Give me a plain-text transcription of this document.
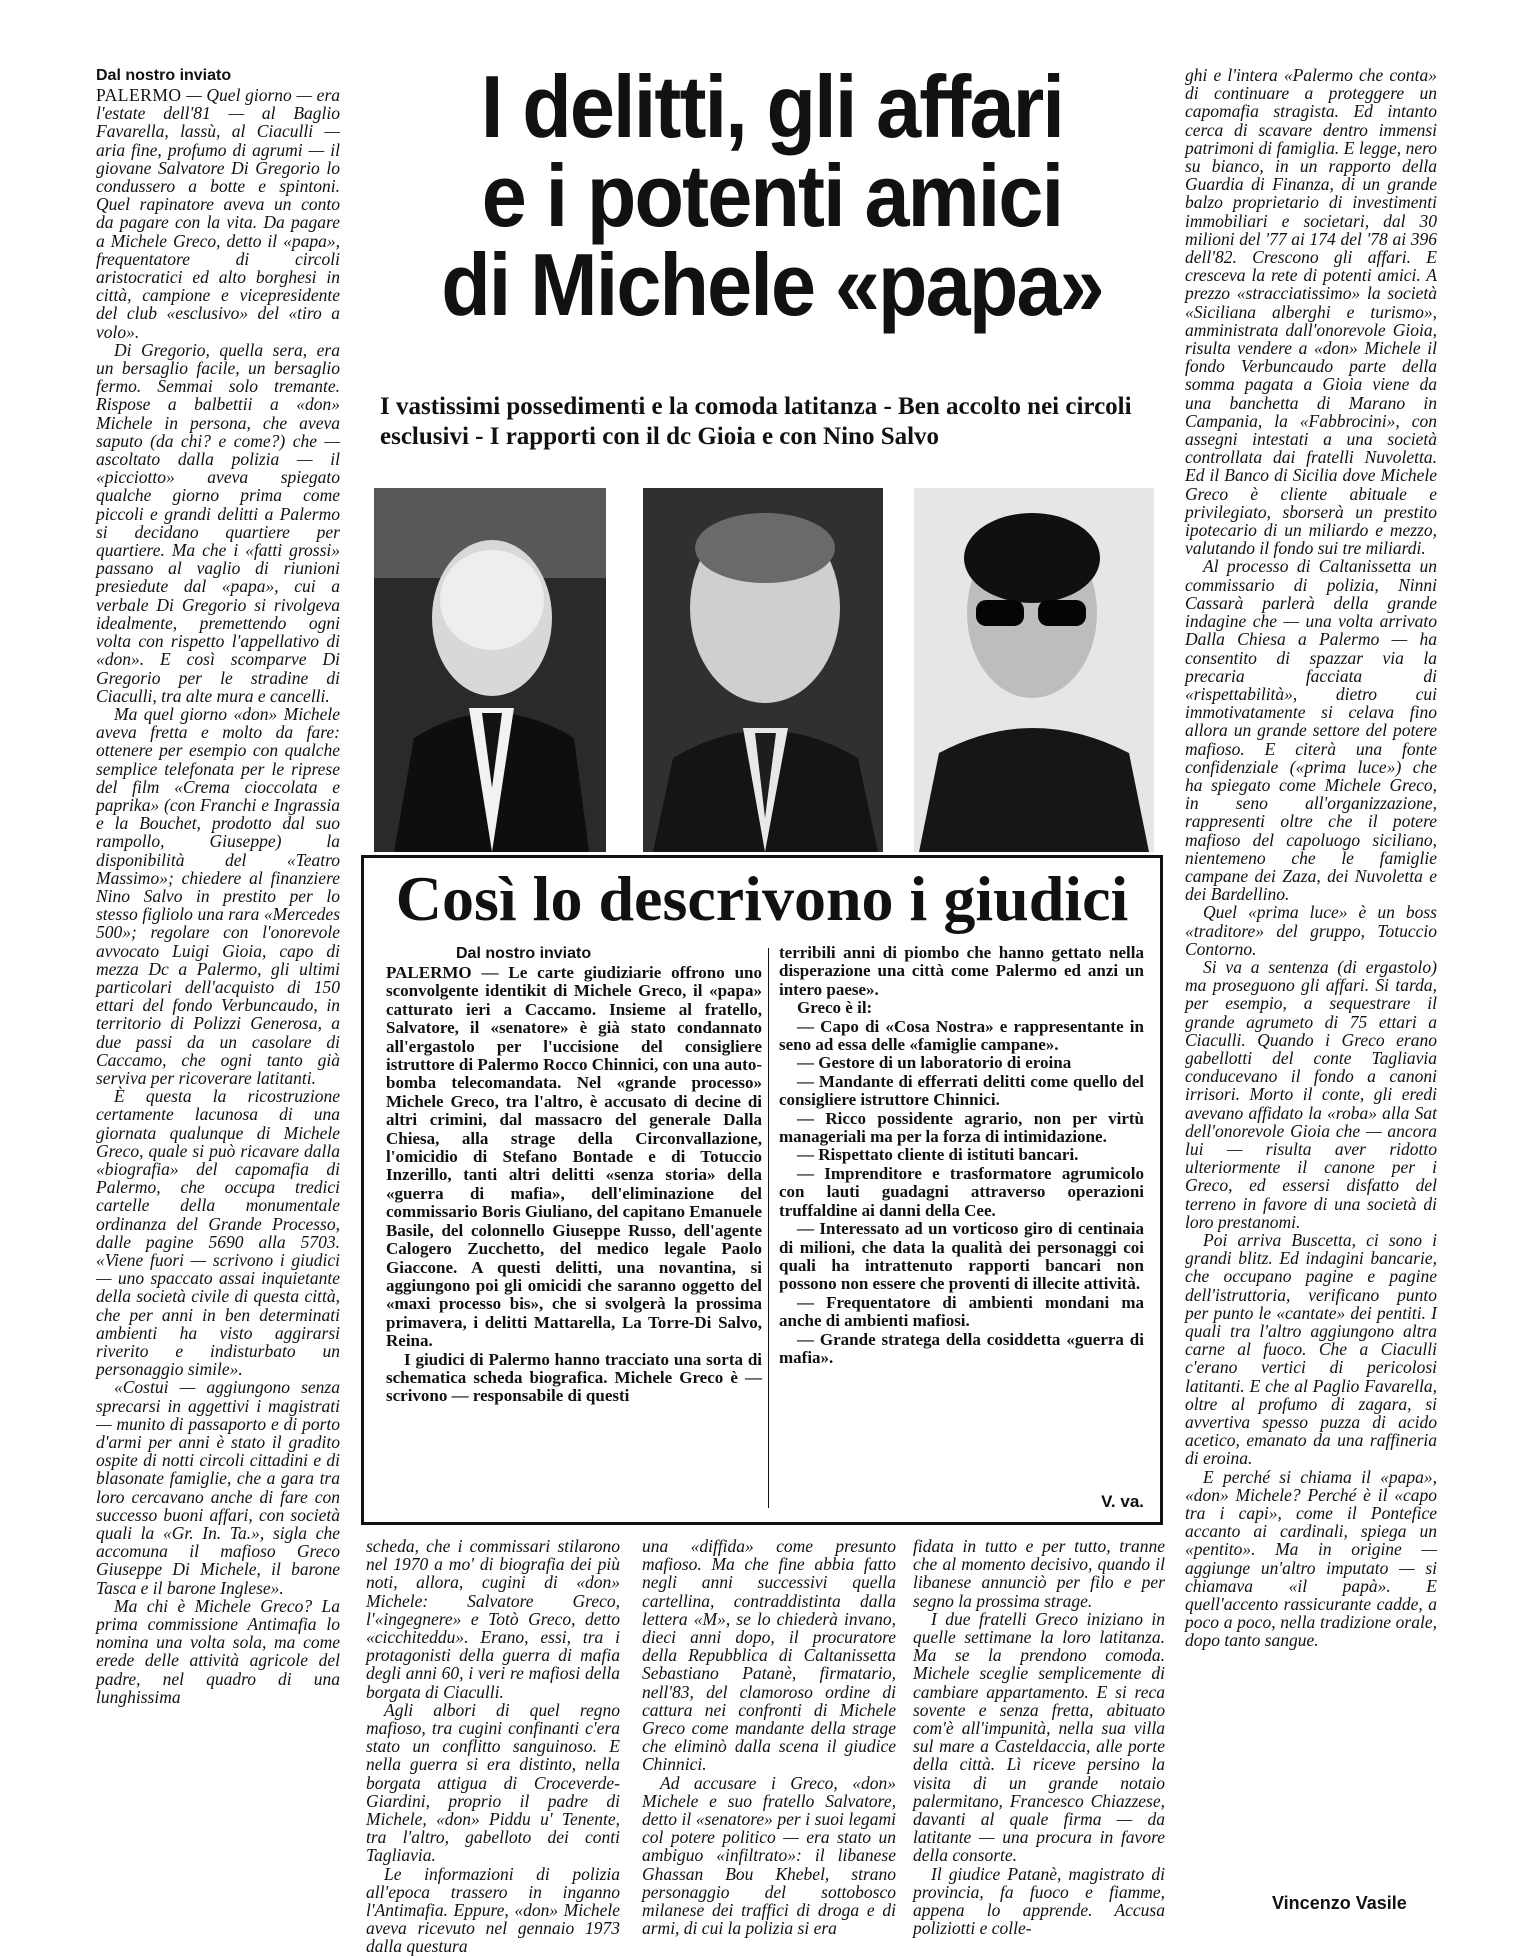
Dal nostro inviato

PALERMO — Quel giorno — era l'estate dell'81 — al Baglio Favarella, lassù, al Ciaculli — aria fine, profumo di agrumi — il giovane Salvatore Di Gregorio lo condussero a botte e spintoni. Quel rapinatore aveva un conto da pagare con la vita. Da pagare a Michele Greco, detto il «papa», frequentatore di circoli aristocratici ed alto borghesi in città, campione e vicepresidente del club «esclusivo» del «tiro a volo».

Di Gregorio, quella sera, era un bersaglio facile, un bersaglio fermo. Semmai solo tremante. Rispose a balbettii a «don» Michele in persona, che aveva saputo (da chi? e come?) che — ascoltato dalla polizia — il «picciotto» aveva spiegato qualche giorno prima come piccoli e grandi delitti a Palermo si decidano quartiere per quartiere. Ma che i «fatti grossi» passano al vaglio di riunioni presiedute dal «papa», cui a verbale Di Gregorio si rivolgeva idealmente, premettendo ogni volta con rispetto l'appellativo di «don». E così scomparve Di Gregorio per le stradine di Ciaculli, tra alte mura e cancelli.

Ma quel giorno «don» Michele aveva fretta e molto da fare: ottenere per esempio con qualche semplice telefonata per le riprese del film «Crema cioccolata e paprika» (con Franchi e Ingrassia e la Bouchet, prodotto dal suo rampollo, Giuseppe) la disponibilità del «Teatro Massimo»; chiedere al finanziere Nino Salvo in prestito per lo stesso figliolo una rara «Mercedes 500»; regolare con l'onorevole avvocato Luigi Gioia, capo di mezza Dc a Palermo, gli ultimi particolari dell'acquisto di 150 ettari del fondo Verbuncaudo, in territorio di Polizzi Generosa, a due passi da un casolare di Caccamo, che ogni tanto già serviva per ricoverare latitanti.

È questa la ricostruzione certamente lacunosa di una giornata qualunque di Michele Greco, quale si può ricavare dalla «biografia» del capomafia di Palermo, che occupa tredici cartelle della monumentale ordinanza del Grande Processo, dalle pagine 5690 alla 5703. «Viene fuori — scrivono i giudici — uno spaccato assai inquietante della società civile di questa città, che per anni in ben determinati ambienti ha visto aggirarsi riverito e indisturbato un personaggio simile».

«Costui — aggiungono senza sprecarsi in aggettivi i magistrati — munito di passaporto e di porto d'armi per anni è stato il gradito ospite di notti circoli cittadini e di blasonate famiglie, che a gara tra loro cercavano anche di fare con successo buoni affari, con società quali la «Gr. In. Ta.», sigla che accomuna il mafioso Greco Giuseppe Di Michele, il barone Tasca e il barone Inglese».

Ma chi è Michele Greco? La prima commissione Antimafia lo nomina una volta sola, ma come erede delle attività agricole del padre, nel quadro di una lunghissima

I delitti, gli affari
e i potenti amici
di Michele «papa»
I vastissimi possedimenti e la comoda latitanza - Ben accolto nei circoli esclusivi - I rapporti con il dc Gioia e con Nino Salvo
Così lo descrivono i giudici

Dal nostro inviato

PALERMO — Le carte giudiziarie offrono uno sconvolgente identikit di Michele Greco, il «papa» catturato ieri a Caccamo. Insieme al fratello, Salvatore, il «senatore» è già stato condannato all'ergastolo per l'uccisione del consigliere istruttore di Palermo Rocco Chinnici, con una auto-bomba telecomandata. Nel «grande processo» Michele Greco, tra l'altro, è accusato di decine di altri crimini, dal massacro del generale Dalla Chiesa, alla strage della Circonvallazione, l'omicidio di Stefano Bontade e di Totuccio Inzerillo, tanti altri delitti «senza storia» della «guerra di mafia», dell'eliminazione del commissario Boris Giuliano, del capitano Emanuele Basile, del colonnello Giuseppe Russo, dell'agente Calogero Zucchetto, del medico legale Paolo Giaccone. A questi delitti, una novantina, si aggiungono poi gli omicidi che saranno oggetto del «maxi processo bis», che si svolgerà la prossima primavera, i delitti Mattarella, La Torre-Di Salvo, Reina.

I giudici di Palermo hanno tracciato una sorta di schematica scheda biografica. Michele Greco è — scrivono — responsabile di questi

terribili anni di piombo che hanno gettato nella disperazione una città come Palermo ed anzi un intero paese».

Greco è il:

— Capo di «Cosa Nostra» e rappresentante in seno ad essa delle «famiglie campane».

— Gestore di un laboratorio di eroina

— Mandante di efferrati delitti come quello del consigliere istruttore Chinnici.

— Ricco possidente agrario, non per virtù manageriali ma per la forza di intimidazione.

— Rispettato cliente di istituti bancari.

— Imprenditore e trasformatore agrumicolo con lauti guadagni attraverso operazioni truffaldine ai danni della Cee.

— Interessato ad un vorticoso giro di centinaia di milioni, che data la qualità dei personaggi coi quali ha intrattenuto rapporti bancari non possono non essere che proventi di illecite attività.

— Frequentatore di ambienti mondani ma anche di ambienti mafiosi.

— Grande stratega della cosiddetta «guerra di mafia».

V. va.

scheda, che i commissari stilarono nel 1970 a mo' di biografia dei più noti, allora, cugini di «don» Michele: Salvatore Greco, l'«ingegnere» e Totò Greco, detto «cicchiteddu». Erano, essi, tra i protagonisti della guerra di mafia degli anni 60, i veri re mafiosi della borgata di Ciaculli.

Agli albori di quel regno mafioso, tra cugini confinanti c'era stato un conflitto sanguinoso. E nella guerra si era distinto, nella borgata attigua di Croceverde-Giardini, proprio il padre di Michele, «don» Piddu u' Tenente, tra l'altro, gabelloto dei conti Tagliavia.

Le informazioni di polizia all'epoca trassero in inganno l'Antimafia. Eppure, «don» Michele aveva ricevuto nel gennaio 1973 dalla questura

una «diffida» come presunto mafioso. Ma che fine abbia fatto negli anni successivi quella cartellina, contraddistinta dalla lettera «M», se lo chiederà invano, dieci anni dopo, il procuratore della Repubblica di Caltanissetta Sebastiano Patanè, firmatario, nell'83, del clamoroso ordine di cattura nei confronti di Michele Greco come mandante della strage che eliminò dalla scena il giudice Chinnici.

Ad accusare i Greco, «don» Michele e suo fratello Salvatore, detto il «senatore» per i suoi legami col potere politico — era stato un ambiguo «infiltrato»: il libanese Ghassan Bou Khebel, strano personaggio del sottobosco milanese dei traffici di droga e di armi, di cui la polizia si era

fidata in tutto e per tutto, tranne che al momento decisivo, quando il libanese annunciò per filo e per segno la prossima strage.

I due fratelli Greco iniziano in quelle settimane la loro latitanza. Ma se la prendono comoda. Michele sceglie semplicemente di cambiare appartamento. E si reca sovente e senza fretta, abituato com'è all'impunità, nella sua villa sul mare a Casteldaccia, alle porte della città. Lì riceve persino la visita di un grande notaio palermitano, Francesco Chiazzese, davanti al quale firma — da latitante — una procura in favore della consorte.

Il giudice Patanè, magistrato di provincia, fa fuoco e fiamme, appena lo apprende. Accusa poliziotti e colle-

ghi e l'intera «Palermo che conta» di continuare a proteggere un capomafia stragista. Ed intanto cerca di scavare dentro immensi patrimoni di famiglia. E legge, nero su bianco, in un rapporto della Guardia di Finanza, di un grande balzo proprietario di investimenti immobiliari e societari, dal 30 milioni del '77 ai 174 del '78 ai 396 dell'82. Crescono gli affari. E cresceva la rete di potenti amici. A prezzo «stracciatissimo» la società «Siciliana alberghi e turismo», amministrata dall'onorevole Gioia, risulta vendere a «don» Michele il fondo Verbuncaudo parte della somma pagata a Gioia viene da una banchetta di Marano in Campania, la «Fabbrocini», con assegni intestati a una società controllata dai fratelli Nuvoletta. Ed il Banco di Sicilia dove Michele Greco è cliente abituale e privilegiato, sborserà un prestito ipotecario di un miliardo e mezzo, valutando il fondo sui tre miliardi.

Al processo di Caltanissetta un commissario di polizia, Ninni Cassarà parlerà della grande indagine che — una volta arrivato Dalla Chiesa a Palermo — ha consentito di spazzar via la precaria facciata di «rispettabilità», dietro cui immotivatamente si celava fino allora un grande settore del potere mafioso. E citerà una fonte confidenziale («prima luce») che ha spiegato come Michele Greco, in seno all'organizzazione, rappresenti oltre che il potere mafioso del capoluogo siciliano, nientemeno che le famiglie campane dei Zaza, dei Nuvoletta e dei Bardellino.

Quel «prima luce» è un boss «traditore» del gruppo, Totuccio Contorno.

Si va a sentenza (di ergastolo) ma proseguono gli affari. Si tarda, per esempio, a sequestrare il grande agrumeto di 75 ettari a Ciaculli. Quando i Greco erano gabellotti del conte Tagliavia conducevano il fondo a canoni irrisori. Morto il conte, gli eredi avevano affidato la «roba» alla Sat dell'onorevole Gioia che — ancora lui — risulta aver ridotto ulteriormente il canone per i Greco, ed essersi disfatto del terreno in favore di una società di loro prestanomi.

Poi arriva Buscetta, ci sono i grandi blitz. Ed indagini bancarie, che occupano pagine e pagine dell'istruttoria, verificano punto per punto le «cantate» dei pentiti. I quali tra l'altro aggiungono altra carne al fuoco. Che a Ciaculli c'erano vertici di pericolosi latitanti. E che al Paglio Favarella, oltre al profumo di zagara, si avvertiva spesso puzza di acido acetico, emanato da una raffineria di eroina.

E perché si chiama il «papa», «don» Michele? Perché è il «capo tra i capi», come il Pontefice accanto ai cardinali, spiega un «pentito». Ma in origine — aggiunge un'altro imputato — si chiamava «il papà». E quell'accento rassicurante cadde, a poco a poco, nella tradizione orale, dopo tanto sangue.

Vincenzo Vasile
